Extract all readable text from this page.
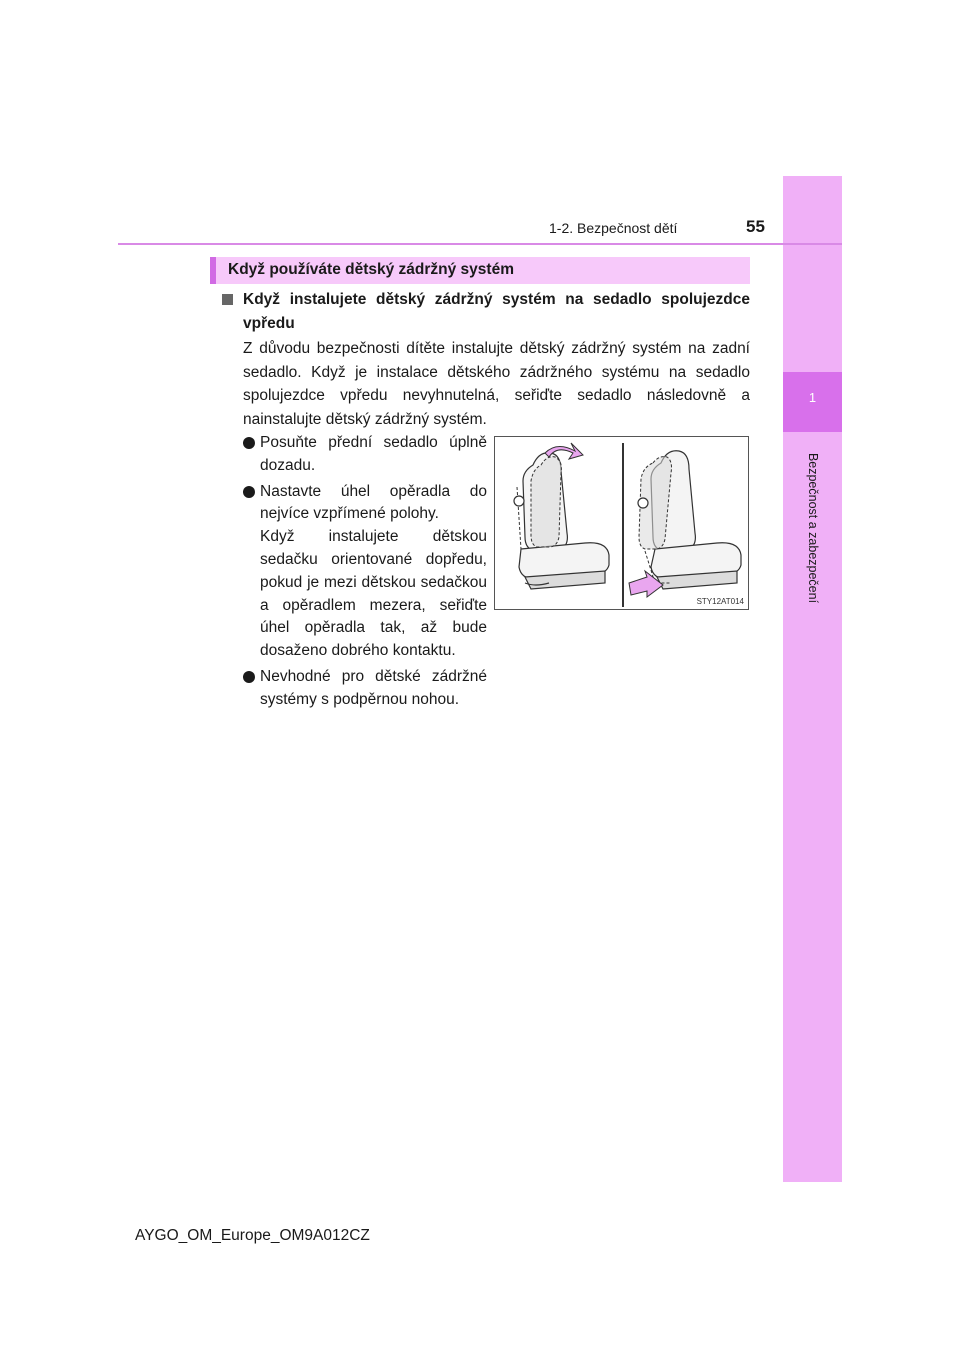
1
Bezpečnost a zabezpečení
1-2. Bezpečnost dětí	55
Když používáte dětský zádržný systém
Když instalujete dětský zádržný systém na sedadlo spolujezdce vpředu
Z důvodu bezpečnosti dítěte instalujte dětský zádržný systém na zadní sedadlo. Když je instalace dětského zádržného systému na sedadlo spolujezdce vpředu nevyhnutelná, seřiďte sedadlo následovně a nainstalujte dětský zádržný systém.

Posuňte přední sedadlo úplně dozadu.

Nastavte úhel opěradla do nejvíce vzpřímené polohy.

Když instalujete dětskou sedačku orientované dopředu, pokud je mezi dětskou sedačkou a opěradlem mezera, seřiďte úhel opěradla tak, až bude dosaženo dobrého kontaktu.

Nevhodné pro dětské zádržné systémy s podpěrnou nohou.

STY12AT014
AYGO_OM_Europe_OM9A012CZ
